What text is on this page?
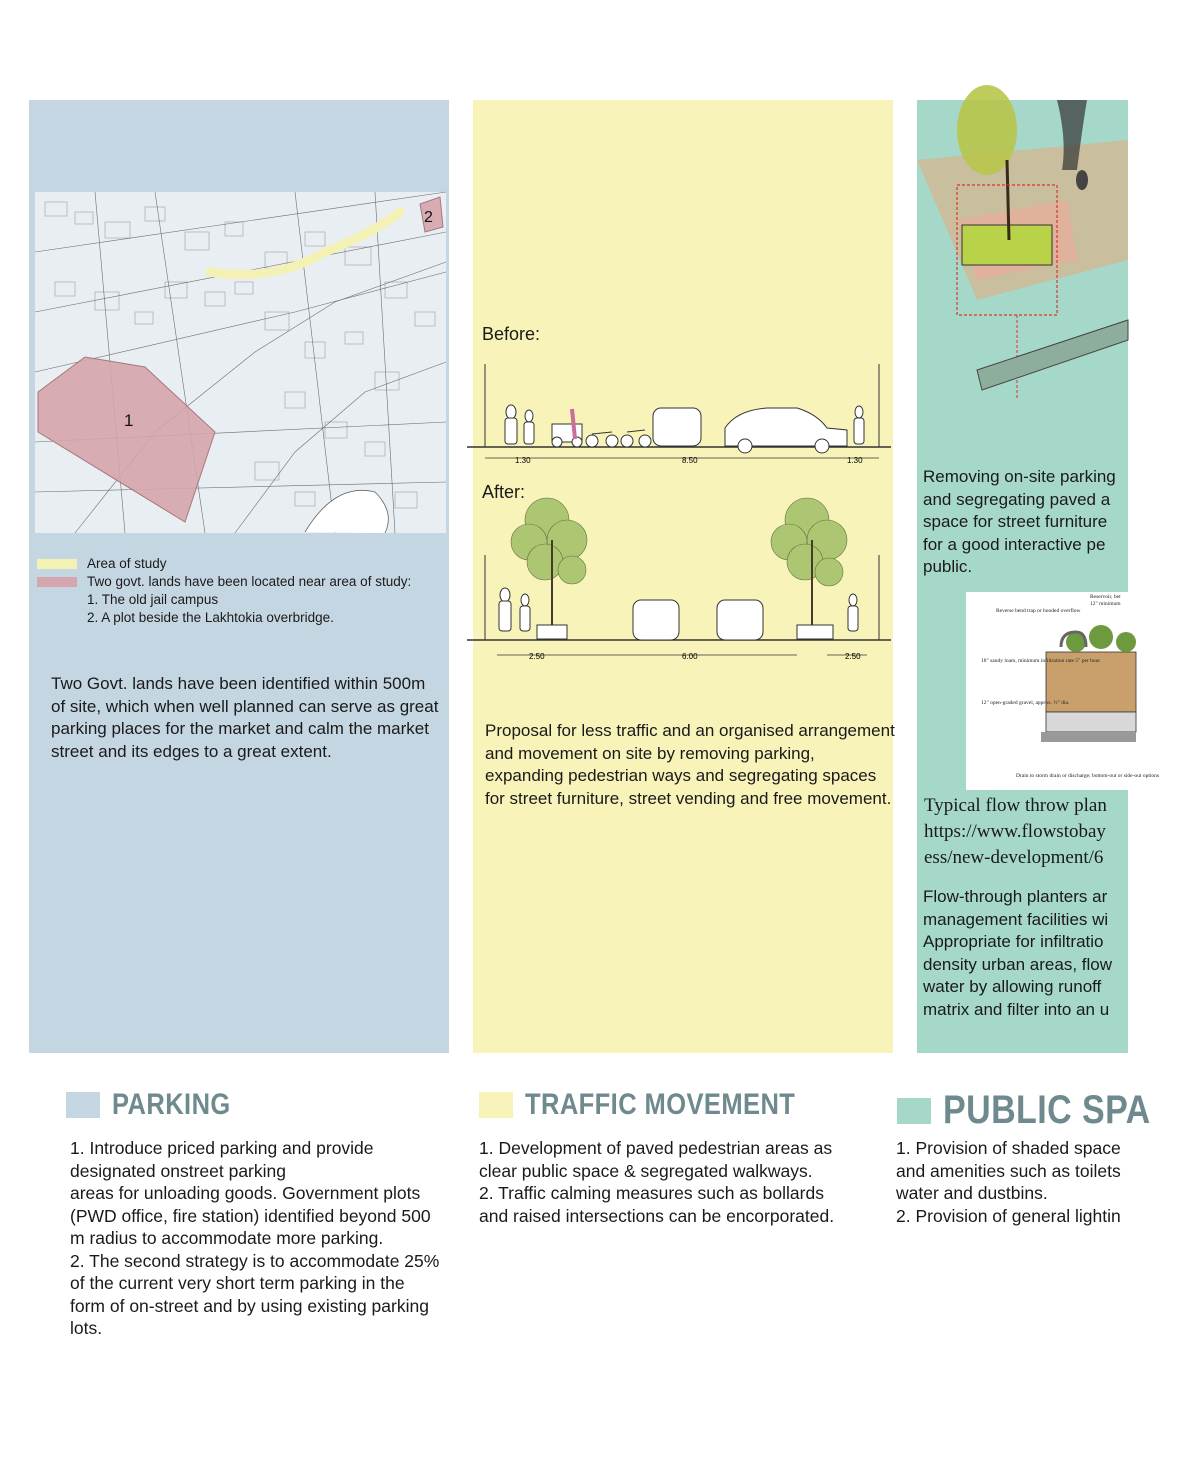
1
2
Area of study
Two govt. lands have been located near area of study:
1. The old jail campus
2. A plot beside the Lakhtokia overbridge.
Two Govt. lands have been identified within 500m of site, which when well planned can serve as great parking places for the market and calm the market street and its edges to a great extent.
Before:
1.30	8.50	1.30
After:
2.50	6.00	2.50
Proposal for less traffic and an organised arrangement and movement on site by removing parking, expanding pedestrian ways and segregating spaces for street furniture, street vending and free movement.
Removing on-site parking
and segregating paved a
space for street furniture
for a good interactive pe
public.
Reverse bend trap or hooded overflow
Reservoir, bet
12" minimum
18" sandy loam, minimum infiltration rate 5" per hour
12" open-graded gravel, approx. ½" dia.
Drain to storm drain or discharge; bottom-out or side-out options
Typical flow throw plan
https://www.flowstobay
ess/new-development/6
Flow-through planters ar
management facilities wi
Appropriate for infiltratio
density urban areas, flow
water by allowing runoff
matrix and filter into an u
PARKING	TRAFFIC MOVEMENT	PUBLIC SPA

1. Introduce priced parking and provide designated onstreet parking

areas for unloading goods. Government plots (PWD office, fire station) identified beyond 500 m radius to accommodate more parking.

2. The second strategy is to accommodate 25% of the current very short term parking in the form of on-street and by using existing parking lots.

1. Development of paved pedestrian areas as clear public space & segregated walkways.

2. Traffic calming measures such as bollards and raised intersections can be encorporated.

1. Provision of shaded space

and amenities such as toilets

water and dustbins.

2. Provision of general lightin
